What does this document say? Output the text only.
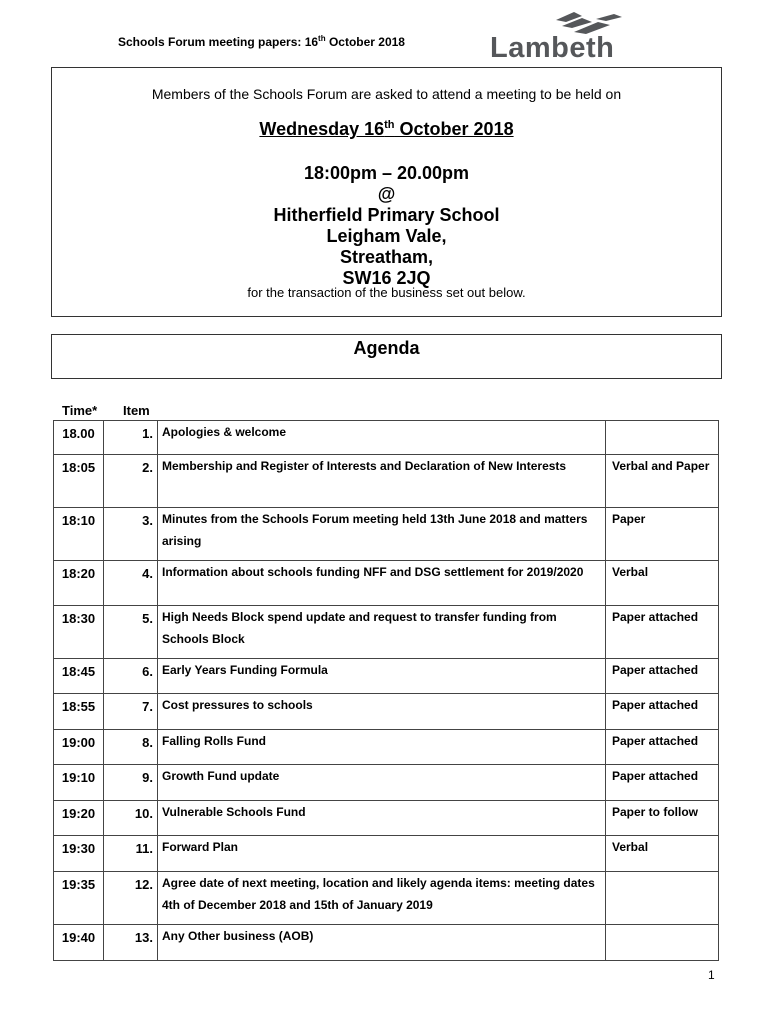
Schools Forum meeting papers: 16th October 2018	Lambeth
Members of the Schools Forum are asked to attend a meeting to be held on
Wednesday 16th October 2018
18:00pm – 20.00pm
@
Hitherfield Primary School
Leigham Vale,
Streatham,
SW16 2JQ
for the transaction of the business set out below.
Agenda
Time* Item
18.00	1.	Apologies & welcome	
18:05	2.	Membership and Register of Interests and Declaration of New Interests	Verbal and Paper
18:10	3.	Minutes from the Schools Forum meeting held 13th June 2018 and matters arising	Paper
18:20	4.	Information about schools funding NFF and DSG settlement for 2019/2020	Verbal
18:30	5.	High Needs Block spend update and request to transfer funding from Schools Block	Paper attached
18:45	6.	Early Years Funding Formula	Paper attached
18:55	7.	Cost pressures to schools	Paper attached
19:00	8.	Falling Rolls Fund	Paper attached
19:10	9.	Growth Fund update	Paper attached
19:20	10.	Vulnerable Schools Fund	Paper to follow
19:30	11.	Forward Plan	Verbal
19:35	12.	Agree date of next meeting, location and likely agenda items: meeting dates 4th of December 2018 and 15th of January 2019	
19:40	13.	Any Other business (AOB)	
1
